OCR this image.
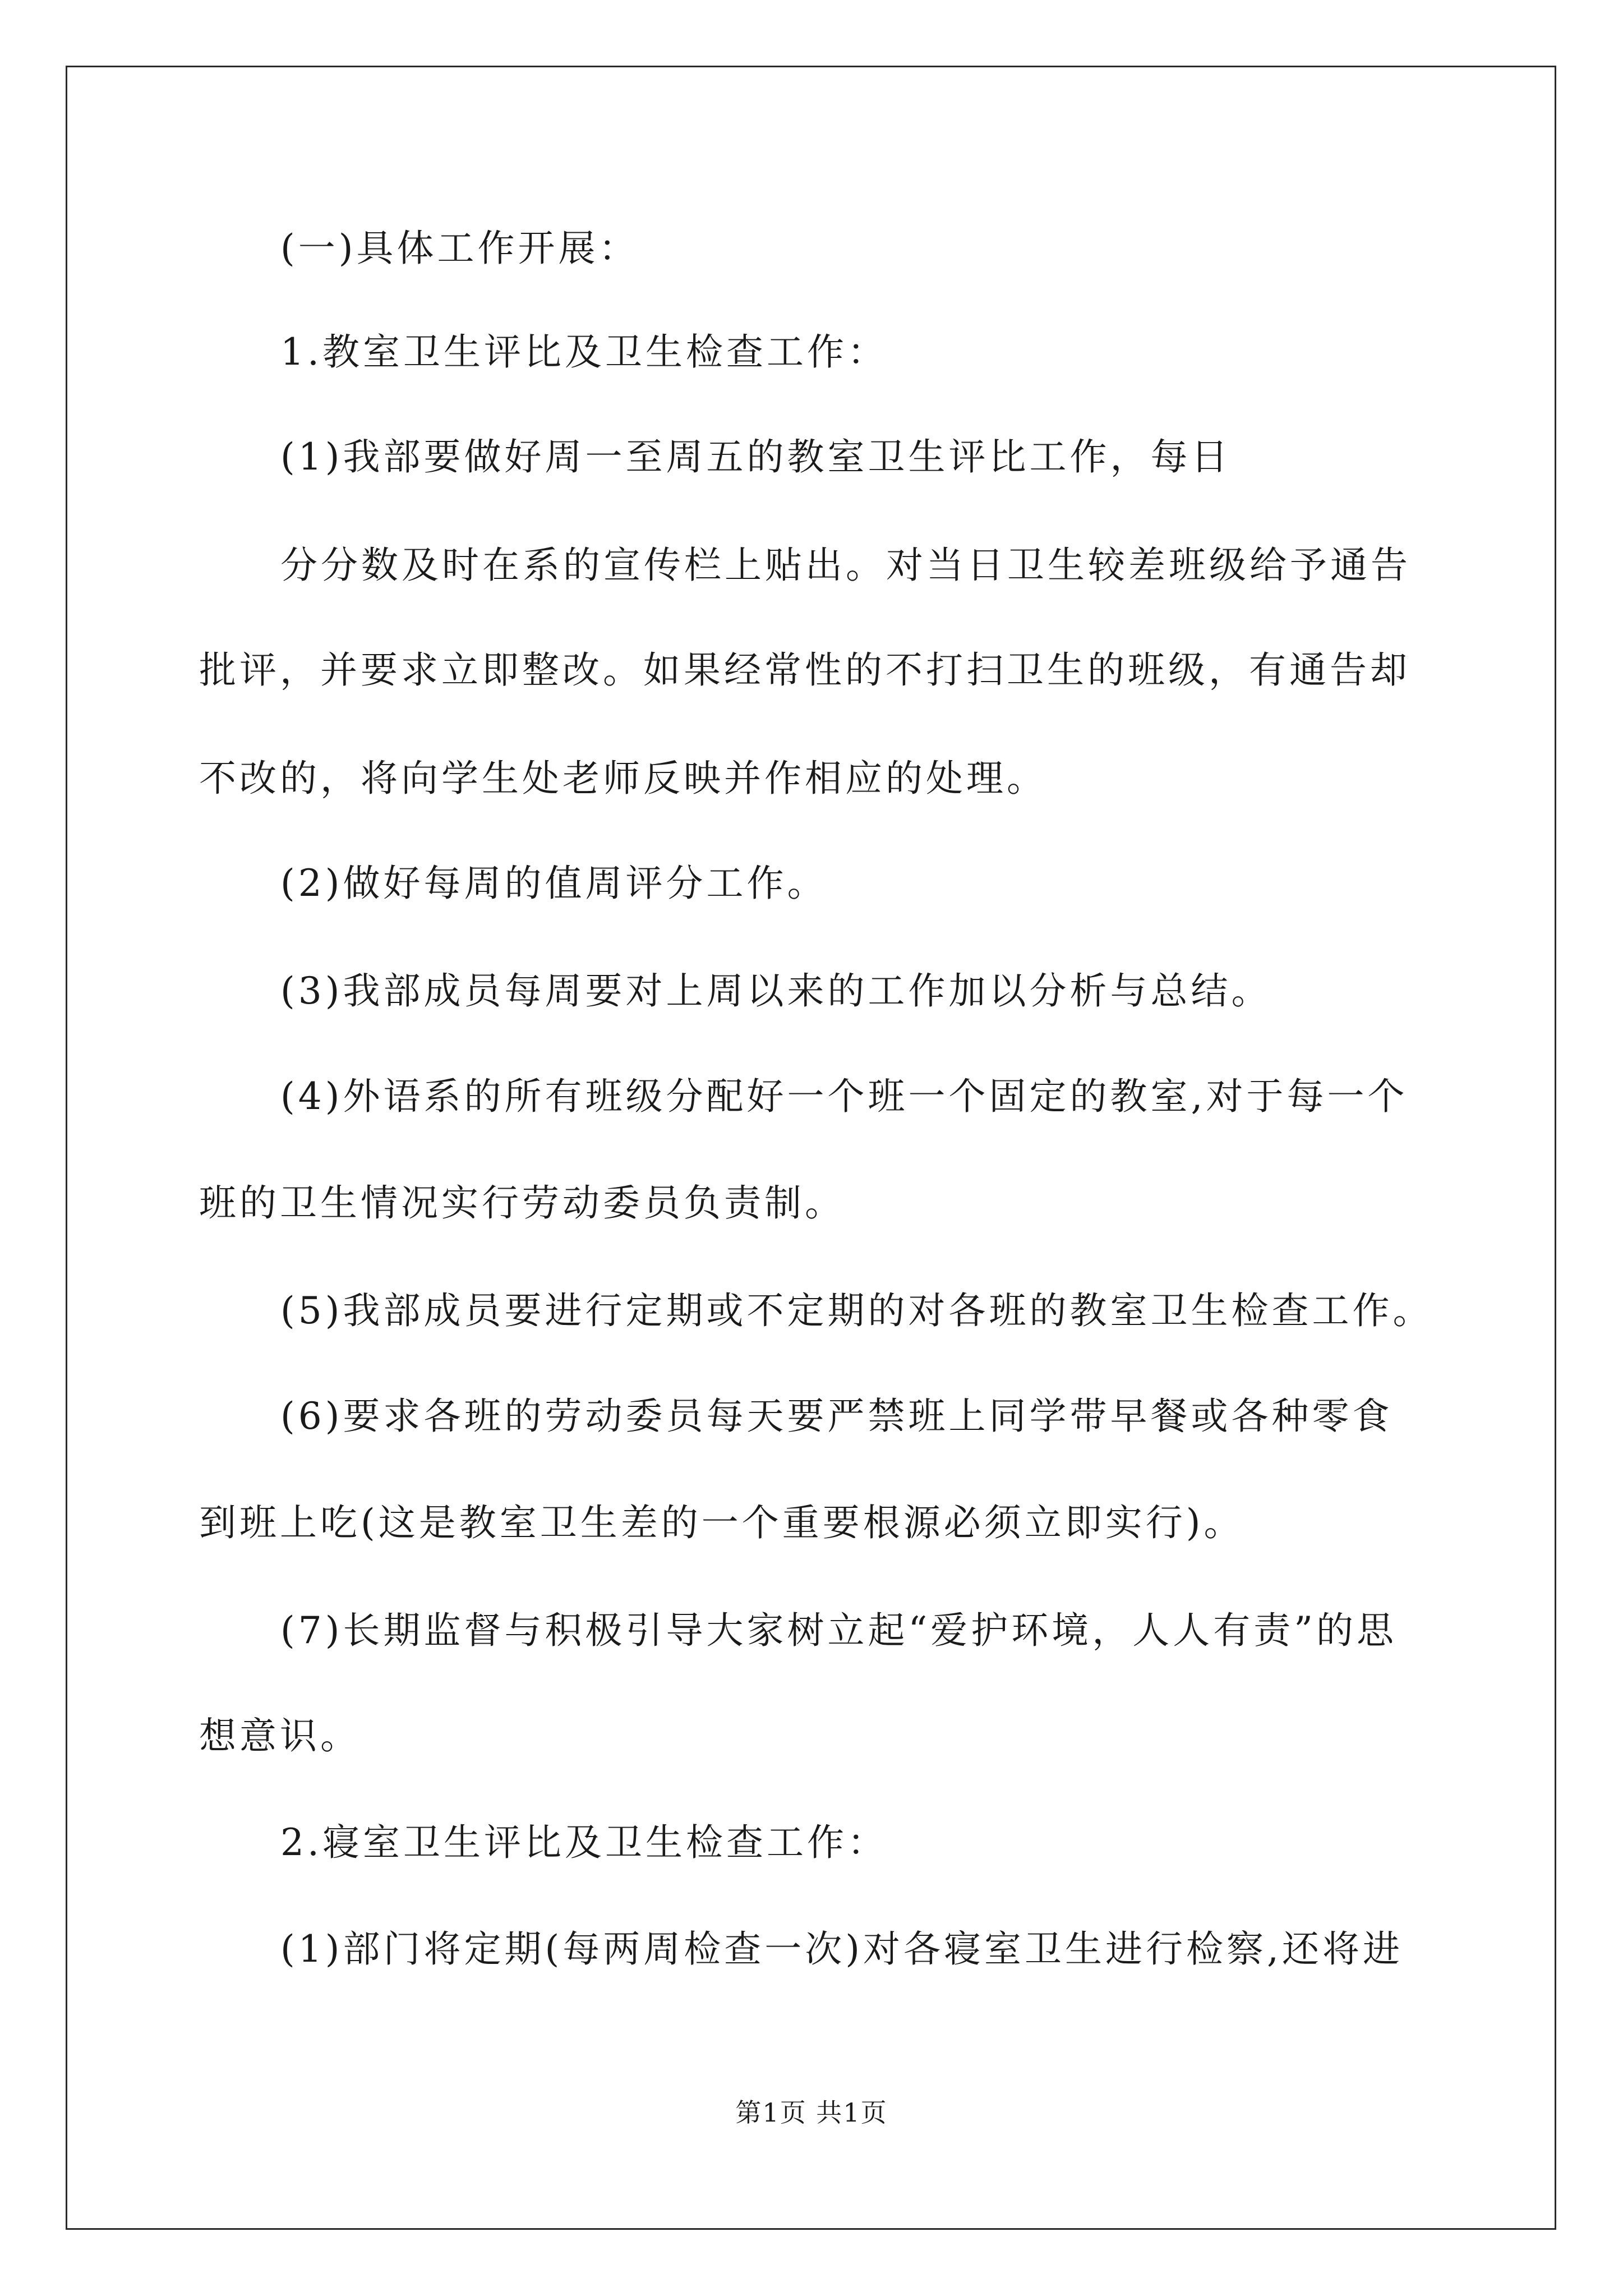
(一)具体工作开展：
1.教室卫生评比及卫生检查工作：
(1)我部要做好周一至周五的教室卫生评比工作，每日
分分数及时在系的宣传栏上贴出。对当日卫生较差班级给予通告
批评，并要求立即整改。如果经常性的不打扫卫生的班级，有通告却
不改的，将向学生处老师反映并作相应的处理。
(2)做好每周的值周评分工作。
(3)我部成员每周要对上周以来的工作加以分析与总结。
(4)外语系的所有班级分配好一个班一个固定的教室,对于每一个
班的卫生情况实行劳动委员负责制。
(5)我部成员要进行定期或不定期的对各班的教室卫生检查工作。
(6)要求各班的劳动委员每天要严禁班上同学带早餐或各种零食
到班上吃(这是教室卫生差的一个重要根源必须立即实行)。
(7)长期监督与积极引导大家树立起“爱护环境，人人有责”的思
想意识。
2.寝室卫生评比及卫生检查工作：
(1)部门将定期(每两周检查一次)对各寝室卫生进行检察,还将进
第1页 共1页
